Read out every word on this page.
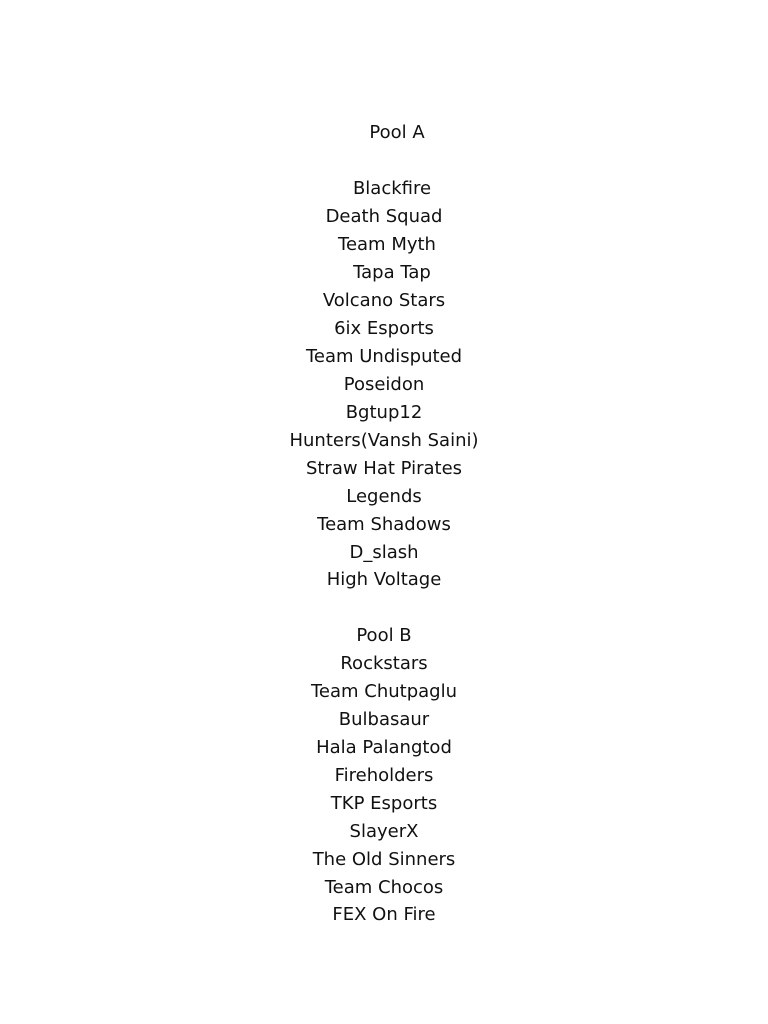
Pool A
Blackfire
Death Squad
Team Myth
Tapa Tap
Volcano Stars
6ix Esports
Team Undisputed
Poseidon
Bgtup12
Hunters(Vansh Saini)
Straw Hat Pirates
Legends
Team Shadows
D_slash
High Voltage
Pool B
Rockstars
Team Chutpaglu
Bulbasaur
Hala Palangtod
Fireholders
TKP Esports
SlayerX
The Old Sinners
Team Chocos
FEX On Fire
